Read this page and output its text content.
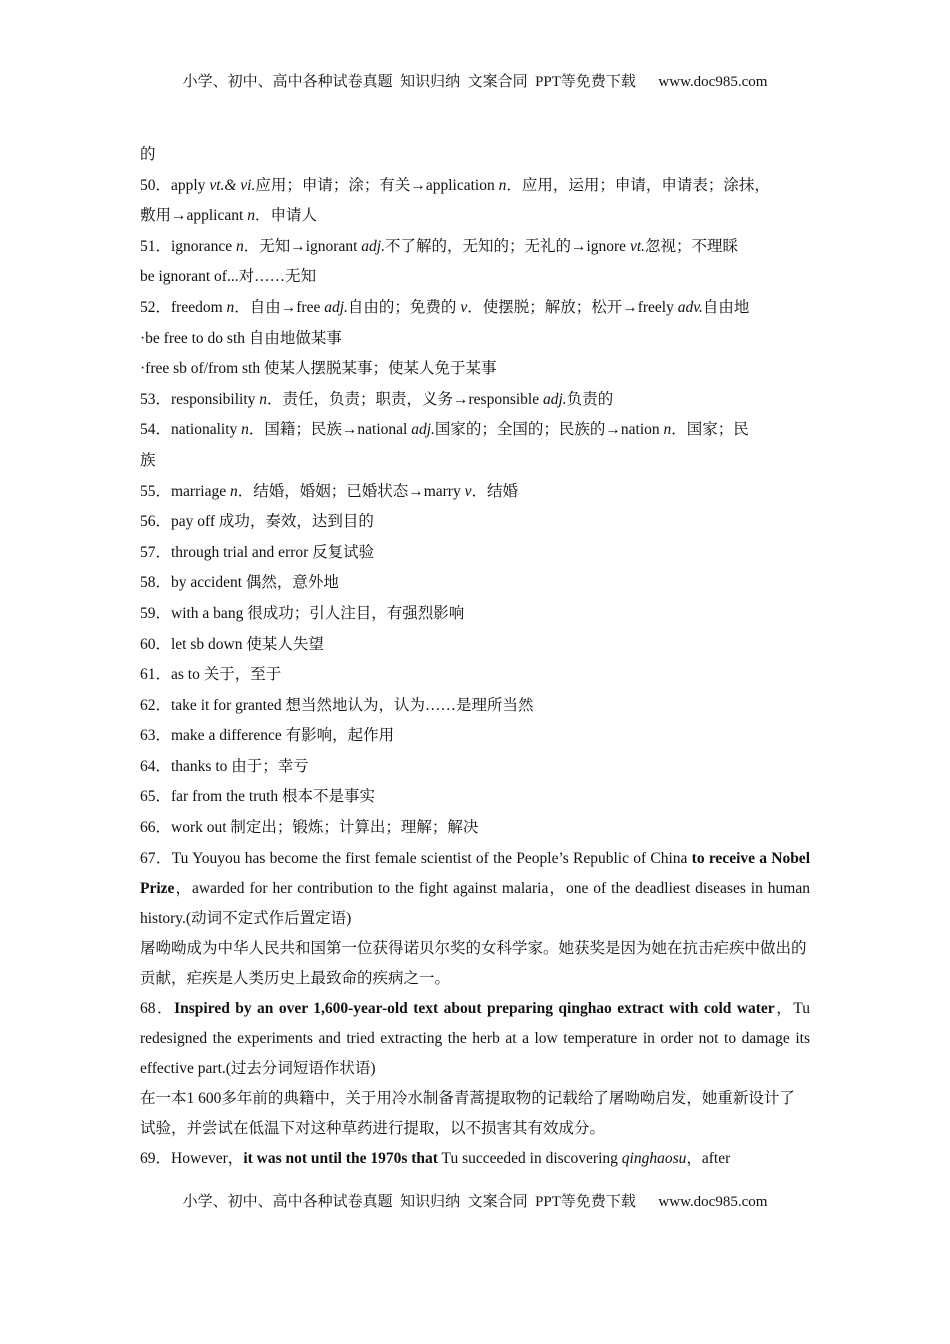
小学、初中、高中各种试卷真题  知识归纳  文案合同  PPT等免费下载      www.doc985.com
的
50．apply vt.& vi.应用；申请；涂；有关→application n．应用，运用；申请，申请表；涂抹，
敷用→applicant n．申请人
51．ignorance n．无知→ignorant adj.不了解的，无知的；无礼的→ignore vt.忽视；不理睬
be ignorant of...对……无知
52．freedom n．自由→free adj.自由的；免费的 v．使摆脱；解放；松开→freely adv.自由地
·be free to do sth 自由地做某事
·free sb of/from sth 使某人摆脱某事；使某人免于某事
53．responsibility n．责任，负责；职责，义务→responsible adj.负责的
54．nationality n．国籍；民族→national adj.国家的；全国的；民族的→nation n．国家；民
族
55．marriage n．结婚，婚姻；已婚状态→marry v．结婚
56．pay off 成功，奏效，达到目的
57．through trial and error 反复试验
58．by accident 偶然，意外地
59．with a bang 很成功；引人注目，有强烈影响
60．let sb down 使某人失望
61．as to 关于，至于
62．take it for granted 想当然地认为，认为……是理所当然
63．make a difference 有影响，起作用
64．thanks to 由于；幸亏
65．far from the truth 根本不是事实
66．work out 制定出；锻炼；计算出；理解；解决
67．Tu Youyou has become the first female scientist of the People’s Republic of China to receive a Nobel Prize，awarded for her contribution to the fight against malaria，one of the deadliest diseases in human history.(动词不定式作后置定语)
屠呦呦成为中华人民共和国第一位获得诺贝尔奖的女科学家。她获奖是因为她在抗击疟疾中做出的贡献，疟疾是人类历史上最致命的疾病之一。
68．Inspired by an over 1,600-year-old text about preparing qinghao extract with cold water，Tu redesigned the experiments and tried extracting the herb at a low temperature in order not to damage its effective part.(过去分词短语作状语)
在一本1 600多年前的典籍中，关于用冷水制备青蒿提取物的记载给了屠呦呦启发，她重新设计了试验，并尝试在低温下对这种草药进行提取，以不损害其有效成分。
69．However，it was not until the 1970s that Tu succeeded in discovering qinghaosu，after
小学、初中、高中各种试卷真题  知识归纳  文案合同  PPT等免费下载      www.doc985.com
